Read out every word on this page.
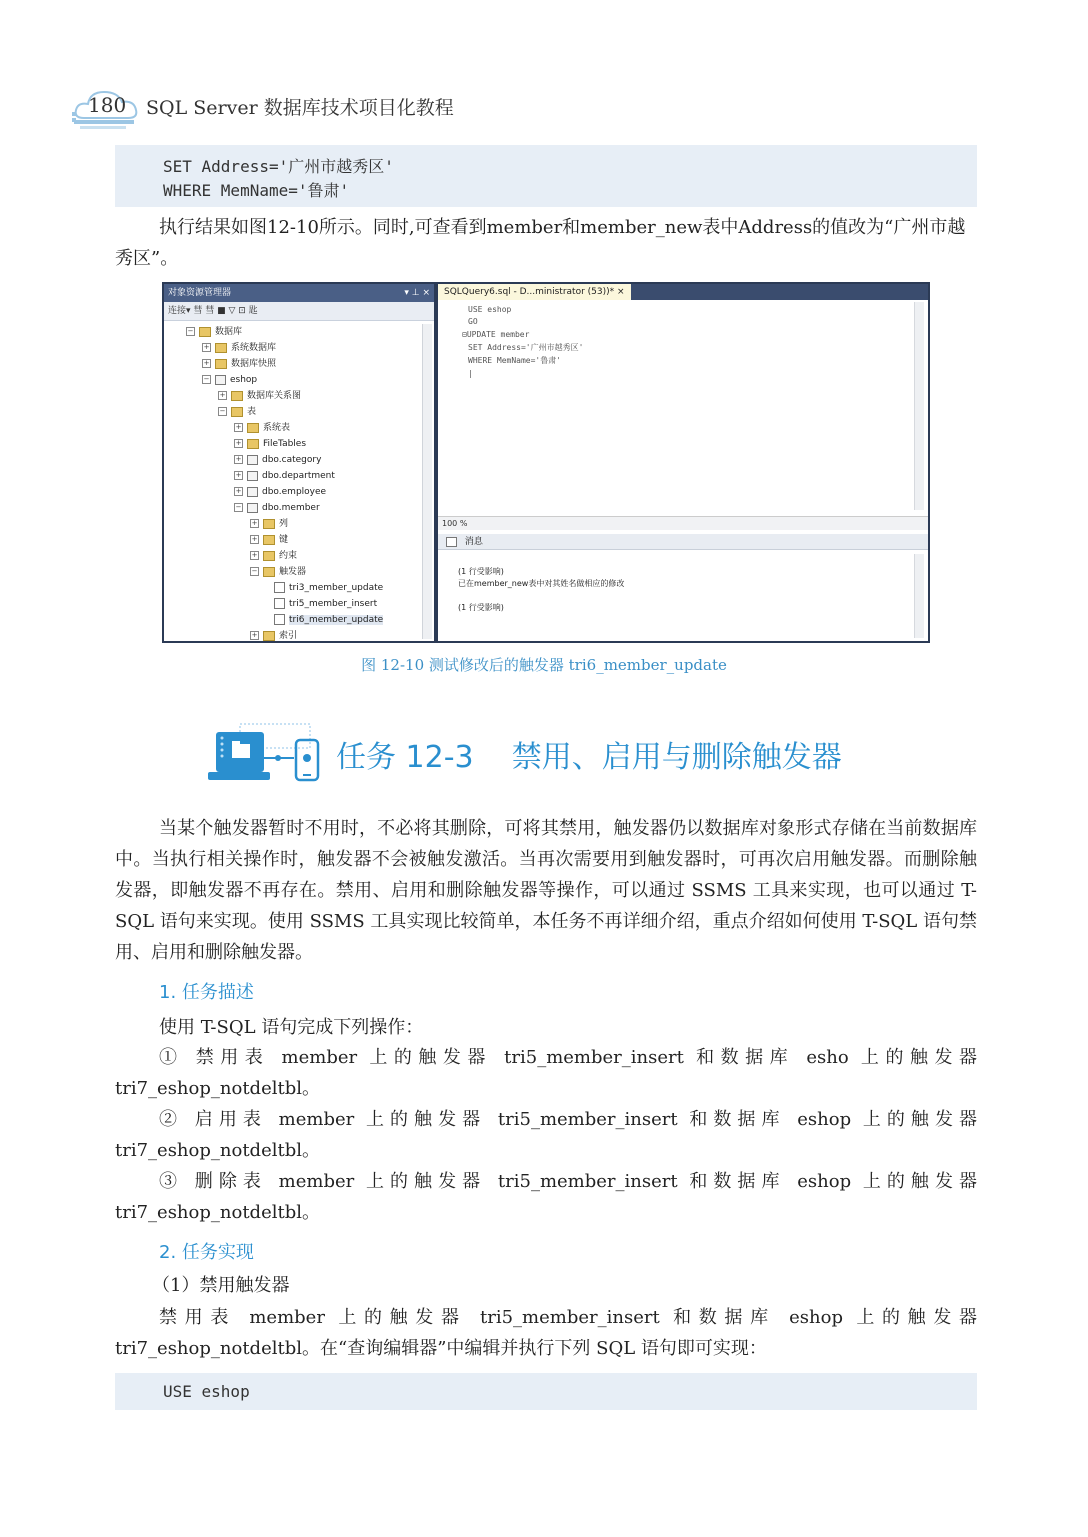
180 SQL Server 数据库技术项目化教程
SET Address='广州市越秀区'
WHERE MemName='鲁肃'

执行结果如图12-10所示。同时,可查看到member和member_new表中Address的值改为“广州市越秀区”。

对象资源管理器	▾ ⊥ ×
连接▾ 彗 彗 ■ ▽ ⊡ 匙
− 数据库
+ 系统数据库
+ 数据库快照
− eshop
+ 数据库关系图
− 表
+ 系统表
+ FileTables
+ dbo.category
+ dbo.department
+ dbo.employee
− dbo.member
+ 列
+ 键
+ 约束
− 触发器
tri3_member_update
tri5_member_insert
tri6_member_update
+ 索引
SQLQuery6.sql - D...ministrator (53))* ×
USE eshop
GO
⊟UPDATE member
SET Address='广州市越秀区'
WHERE MemName='鲁肃'
|
100 %
消息
(1 行受影响)
已在member_new表中对其姓名做相应的修改
(1 行受影响)
图 12-10 测试修改后的触发器 tri6_member_update
任务 12-3    禁用、启用与删除触发器

当某个触发器暂时不用时，不必将其删除，可将其禁用，触发器仍以数据库对象形式存储在当前数据库中。当执行相关操作时，触发器不会被触发激活。当再次需要用到触发器时，可再次启用触发器。而删除触发器，即触发器不再存在。禁用、启用和删除触发器等操作，可以通过 SSMS 工具来实现，也可以通过 T-SQL 语句来实现。使用 SSMS 工具实现比较简单，本任务不再详细介绍，重点介绍如何使用 T-SQL 语句禁用、启用和删除触发器。

1. 任务描述
使用 T-SQL 语句完成下列操作：

① 禁用表 member 上的触发器 tri5_member_insert 和数据库 esho 上的触发器 tri7_eshop_notdeltbl。

② 启用表 member 上的触发器 tri5_member_insert 和数据库 eshop 上的触发器 tri7_eshop_notdeltbl。

③ 删除表 member 上的触发器 tri5_member_insert 和数据库 eshop 上的触发器 tri7_eshop_notdeltbl。

2. 任务实现
（1）禁用触发器

禁用表 member 上的触发器 tri5_member_insert 和数据库 eshop 上的触发器 tri7_eshop_notdeltbl。在“查询编辑器”中编辑并执行下列 SQL 语句即可实现：

USE eshop
